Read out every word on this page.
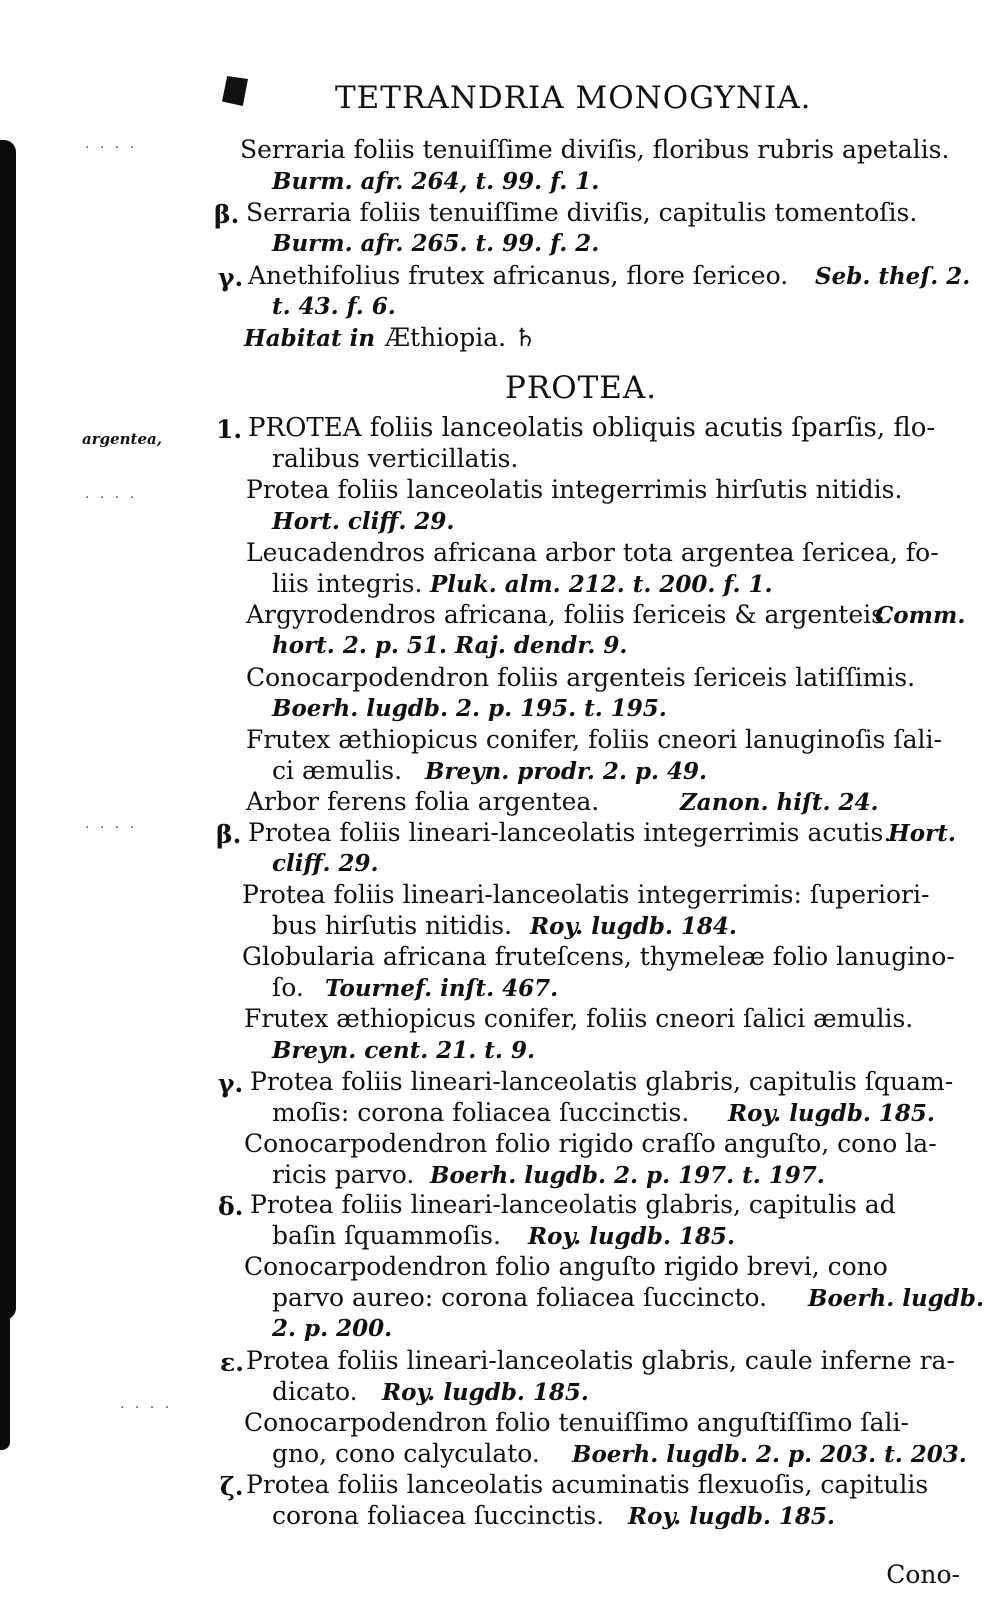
TETRANDRIA MONOGYNIA.
Serraria foliis tenuiſſime diviſis, floribus rubris apetalis.
Burm. afr. 264, t. 99. f. 1.
β. Serraria foliis tenuiſſime diviſis, capitulis tomentoſis.
Burm. afr. 265. t. 99. f. 2.
γ. Anethifolius frutex africanus, flore ſericeo. Seb. theſ. 2.
t. 43. f. 6.
Habitat in Æthiopia. ♄
PROTEA.
argentea, 1. PROTEA foliis lanceolatis obliquis acutis ſparſis, flo-
ralibus verticillatis.
Protea foliis lanceolatis integerrimis hirſutis nitidis.
Hort. cliff. 29.
Leucadendros africana arbor tota argentea ſericea, fo-
liis integris. Pluk. alm. 212. t. 200. f. 1.
Argyrodendros africana, foliis ſericeis & argenteis.
Comm.
hort. 2. p. 51. Raj. dendr. 9.
Conocarpodendron foliis argenteis ſericeis latiſſimis.
Boerh. lugdb. 2. p. 195. t. 195.
Frutex æthiopicus conifer, foliis cneori lanuginoſis ſali-
ci æmulis. Breyn. prodr. 2. p. 49.
Arbor ferens folia argentea.	Zanon. hiſt. 24.
β. Protea foliis lineari-lanceolatis integerrimis acutis.
Hort.
cliff. 29.
Protea foliis lineari-lanceolatis integerrimis: ſuperiori-
bus hirſutis nitidis. Roy. lugdb. 184.
Globularia africana fruteſcens, thymeleæ folio lanugino-
ſo. Tournef. inſt. 467.
Frutex æthiopicus conifer, foliis cneori ſalici æmulis.
Breyn. cent. 21. t. 9.
γ. Protea foliis lineari-lanceolatis glabris, capitulis ſquam-
moſis: corona foliacea ſuccinctis. Roy. lugdb. 185.
Conocarpodendron folio rigido craſſo anguſto, cono la-
ricis parvo. Boerh. lugdb. 2. p. 197. t. 197.
δ. Protea foliis lineari-lanceolatis glabris, capitulis ad
baſin ſquammoſis. Roy. lugdb. 185.
Conocarpodendron folio anguſto rigido brevi, cono
parvo aureo: corona foliacea ſuccincto. Boerh. lugdb.
2. p. 200.
ε. Protea foliis lineari-lanceolatis glabris, caule inferne ra-
dicato. Roy. lugdb. 185.
Conocarpodendron folio tenuiſſimo anguſtiſſimo ſali-
gno, cono calyculato. Boerh. lugdb. 2. p. 203. t. 203.
ζ. Protea foliis lanceolatis acuminatis flexuoſis, capitulis
corona foliacea ſuccinctis. Roy. lugdb. 185.
Cono-
· · · ·
· · · ·
· · · ·
· · · ·
